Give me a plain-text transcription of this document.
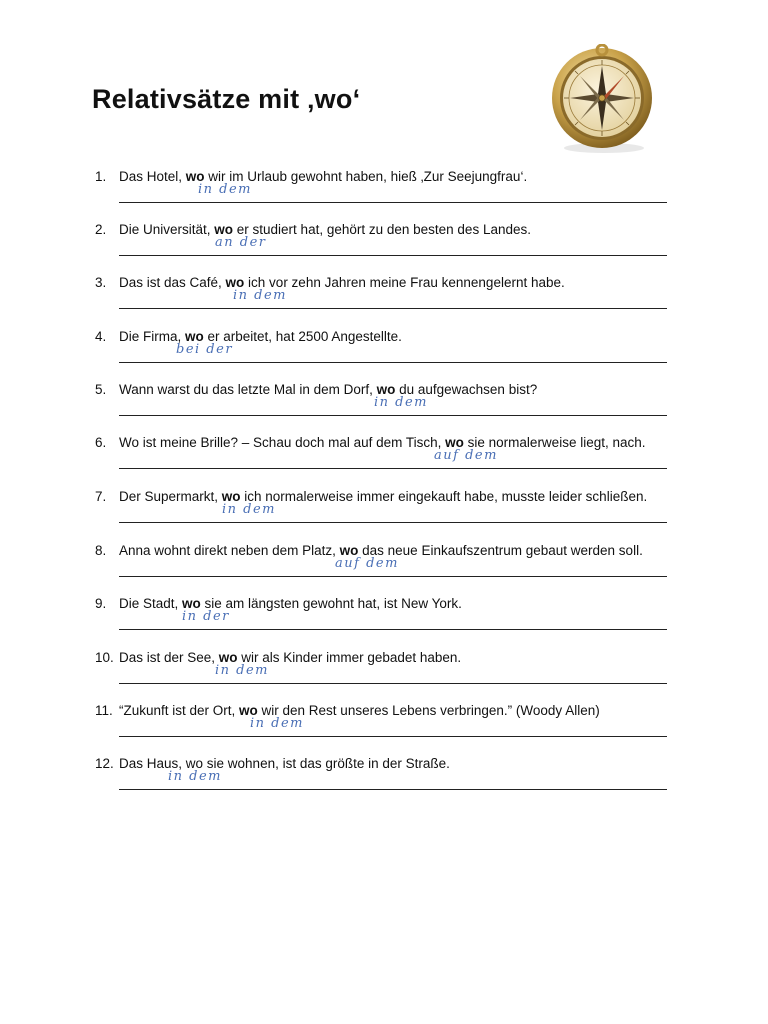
Relativsätze mit ‚wo‘
1. Das Hotel, wo wir im Urlaub gewohnt haben, hieß ‚Zur Seejungfrau‘.
in dem
2. Die Universität, wo er studiert hat, gehört zu den besten des Landes.
an der
3. Das ist das Café, wo ich vor zehn Jahren meine Frau kennengelernt habe.
in dem
4. Die Firma, wo er arbeitet, hat 2500 Angestellte.
bei der
5. Wann warst du das letzte Mal in dem Dorf, wo du aufgewachsen bist?
in dem
6. Wo ist meine Brille? – Schau doch mal auf dem Tisch, wo sie normalerweise liegt, nach.
auf dem
7. Der Supermarkt, wo ich normalerweise immer eingekauft habe, musste leider schließen.
in dem
8. Anna wohnt direkt neben dem Platz, wo das neue Einkaufszentrum gebaut werden soll.
auf dem
9. Die Stadt, wo sie am längsten gewohnt hat, ist New York.
in der
10. Das ist der See, wo wir als Kinder immer gebadet haben.
in dem
11. “Zukunft ist der Ort, wo wir den Rest unseres Lebens verbringen.” (Woody Allen)
in dem
12. Das Haus, wo sie wohnen, ist das größte in der Straße.
in dem
